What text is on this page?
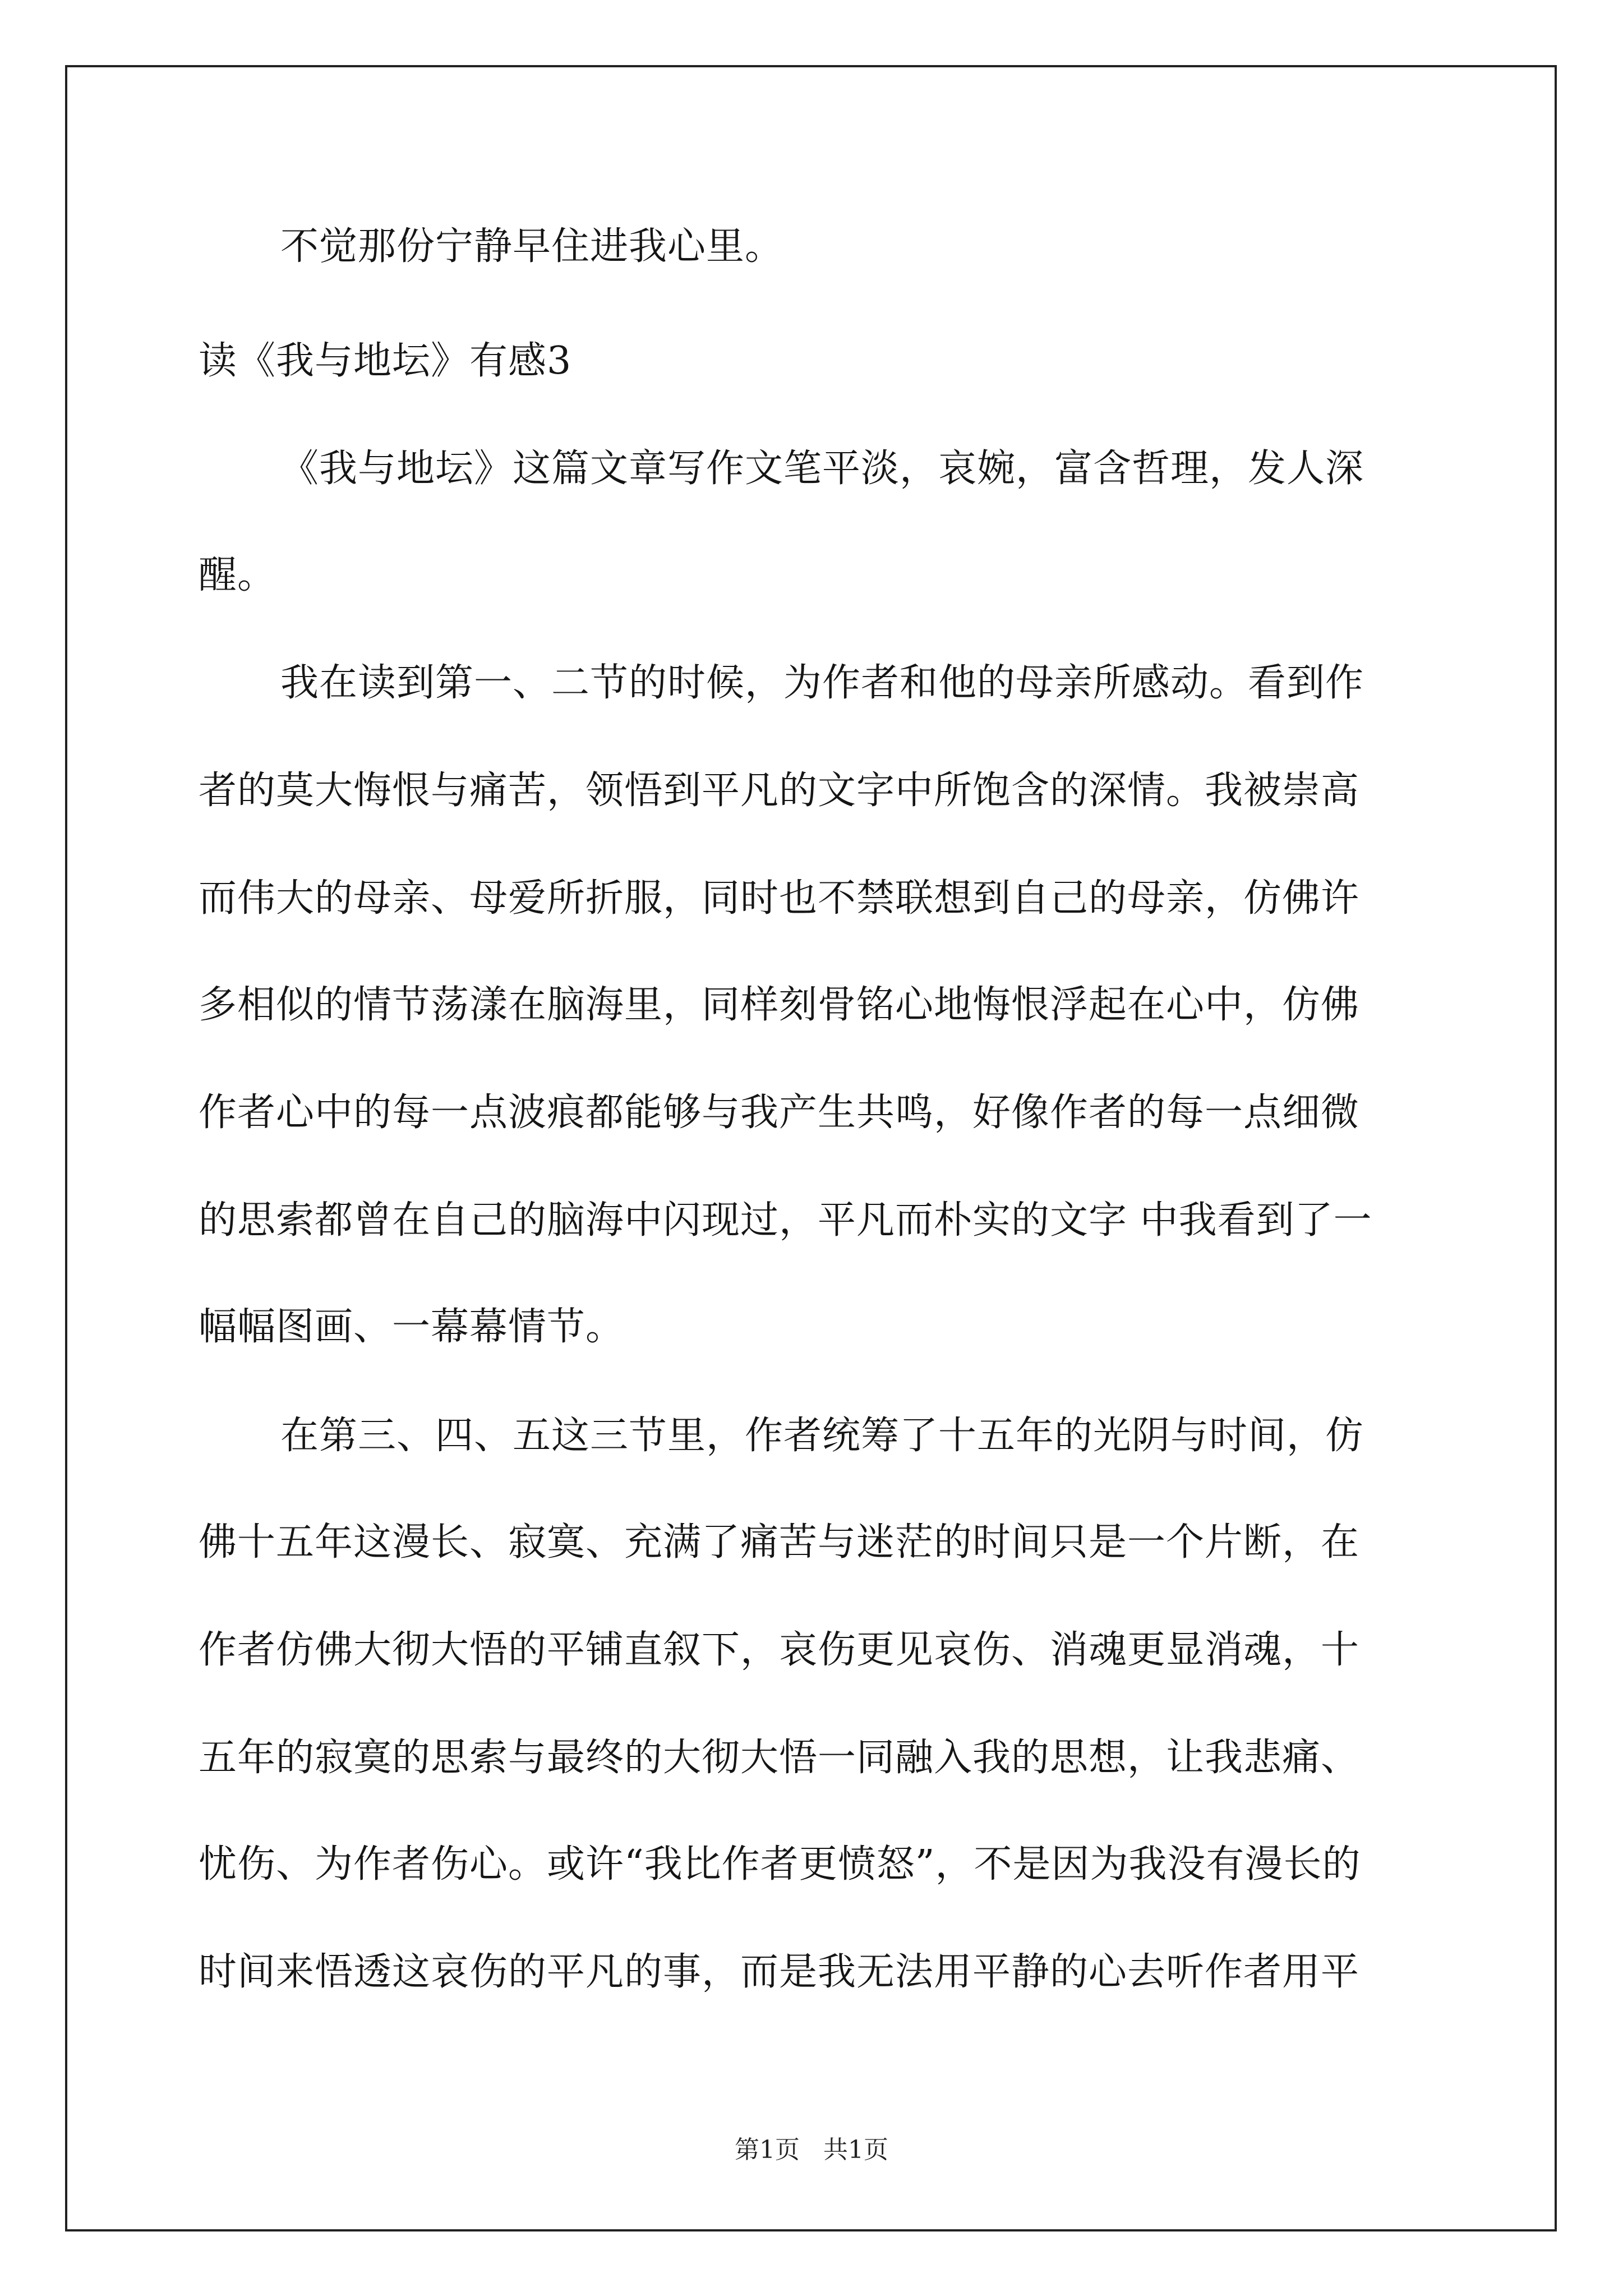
不觉那份宁静早住进我心里。
读《我与地坛》有感3
《我与地坛》这篇文章写作文笔平淡，哀婉，富含哲理，发人深
醒。
我在读到第一、二节的时候，为作者和他的母亲所感动。看到作
者的莫大悔恨与痛苦，领悟到平凡的文字中所饱含的深情。我被崇高
而伟大的母亲、母爱所折服，同时也不禁联想到自己的母亲，仿佛许
多相似的情节荡漾在脑海里，同样刻骨铭心地悔恨浮起在心中，仿佛
作者心中的每一点波痕都能够与我产生共鸣，好像作者的每一点细微
的思索都曾在自己的脑海中闪现过，平凡而朴实的文字 中我看到了一
幅幅图画、一幕幕情节。
在第三、四、五这三节里，作者统筹了十五年的光阴与时间，仿
佛十五年这漫长、寂寞、充满了痛苦与迷茫的时间只是一个片断，在
作者仿佛大彻大悟的平铺直叙下，哀伤更见哀伤、消魂更显消魂，十
五年的寂寞的思索与最终的大彻大悟一同融入我的思想，让我悲痛、
忧伤、为作者伤心。或许“我比作者更愤怒”，不是因为我没有漫长的
时间来悟透这哀伤的平凡的事，而是我无法用平静的心去听作者用平
第1页   共1页
